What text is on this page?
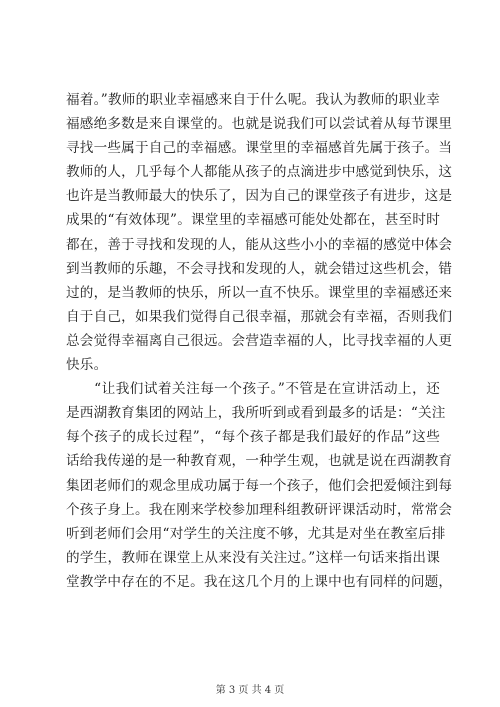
福着。”教师的职业幸福感来自于什么呢。我认为教师的职业幸

福感绝多数是来自课堂的。也就是说我们可以尝试着从每节课里

寻找一些属于自己的幸福感。课堂里的幸福感首先属于孩子。当

教师的人，几乎每个人都能从孩子的点滴进步中感觉到快乐，这

也许是当教师最大的快乐了，因为自己的课堂孩子有进步，这是

成果的“有效体现”。课堂里的幸福感可能处处都在，甚至时时

都在，善于寻找和发现的人，能从这些小小的幸福的感觉中体会

到当教师的乐趣，不会寻找和发现的人，就会错过这些机会，错

过的，是当教师的快乐，所以一直不快乐。课堂里的幸福感还来

自于自己，如果我们觉得自己很幸福，那就会有幸福，否则我们

总会觉得幸福离自己很远。会营造幸福的人，比寻找幸福的人更

快乐。

　　“让我们试着关注每一个孩子。”不管是在宣讲活动上，还

是西湖教育集团的网站上，我所听到或看到最多的话是：“关注

每个孩子的成长过程”，“每个孩子都是我们最好的作品”这些

话给我传递的是一种教育观，一种学生观，也就是说在西湖教育

集团老师们的观念里成功属于每一个孩子，他们会把爱倾注到每

个孩子身上。我在刚来学校参加理科组教研评课活动时，常常会

听到老师们会用“对学生的关注度不够，尤其是对坐在教室后排

的学生，教师在课堂上从来没有关注过。”这样一句话来指出课

堂教学中存在的不足。我在这几个月的上课中也有同样的问题，

第 3 页 共 4 页
